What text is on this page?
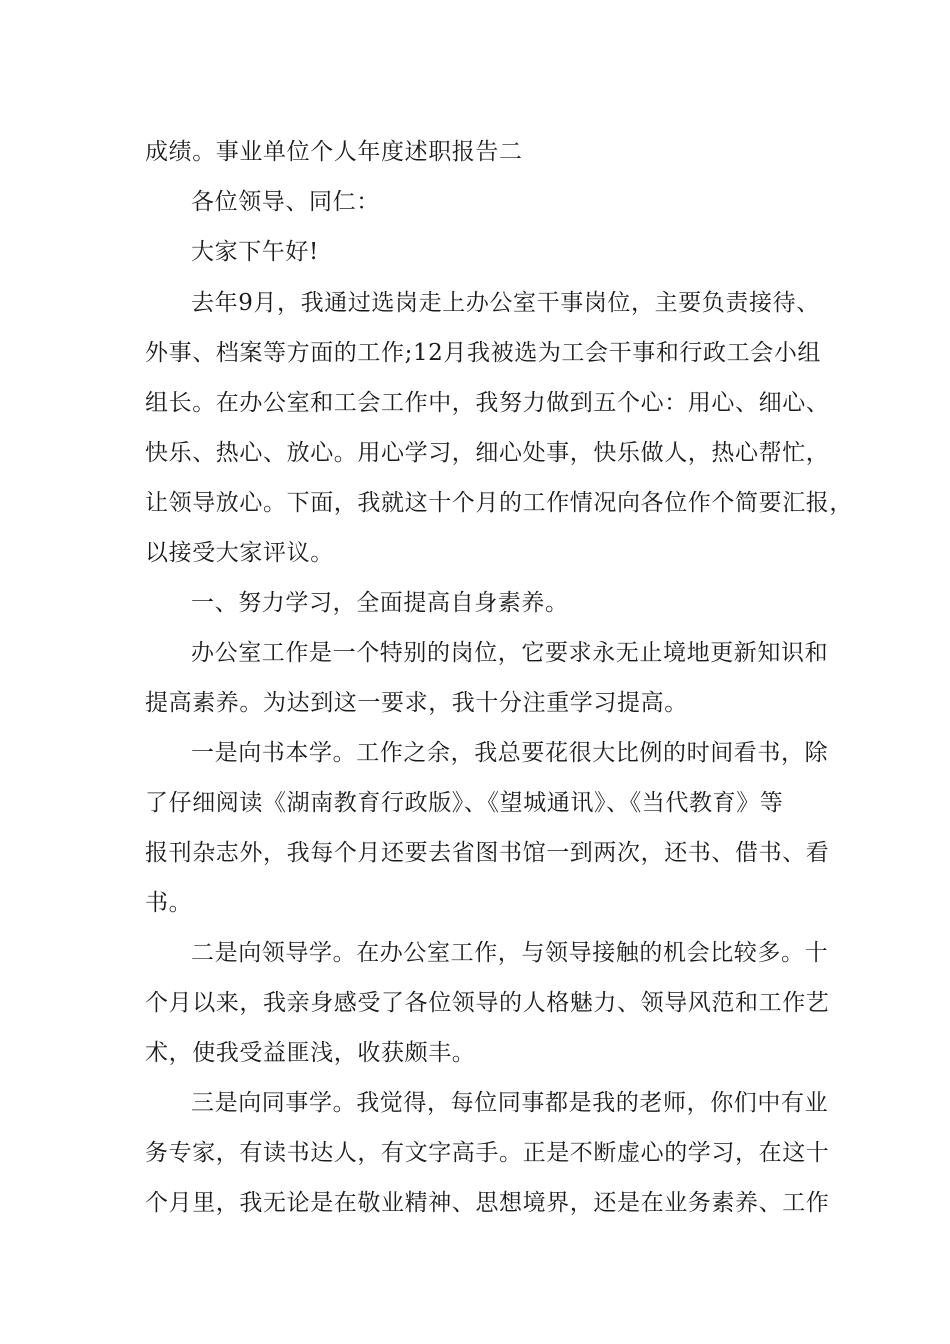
成绩。事业单位个人年度述职报告二
各位领导、同仁：
大家下午好!
去年9月，我通过选岗走上办公室干事岗位，主要负责接待、
外事、档案等方面的工作;12月我被选为工会干事和行政工会小组
组长。在办公室和工会工作中，我努力做到五个心：用心、细心、
快乐、热心、放心。用心学习，细心处事，快乐做人，热心帮忙，
让领导放心。下面，我就这十个月的工作情况向各位作个简要汇报，
以接受大家评议。
一、努力学习，全面提高自身素养。
办公室工作是一个特别的岗位，它要求永无止境地更新知识和
提高素养。为达到这一要求，我十分注重学习提高。
一是向书本学。工作之余，我总要花很大比例的时间看书，除
了仔细阅读《湖南教育行政版》、《望城通讯》、《当代教育》等
报刊杂志外，我每个月还要去省图书馆一到两次，还书、借书、看
书。
二是向领导学。在办公室工作，与领导接触的机会比较多。十
个月以来，我亲身感受了各位领导的人格魅力、领导风范和工作艺
术，使我受益匪浅，收获颇丰。
三是向同事学。我觉得，每位同事都是我的老师，你们中有业
务专家，有读书达人，有文字高手。正是不断虚心的学习，在这十
个月里，我无论是在敬业精神、思想境界，还是在业务素养、工作
